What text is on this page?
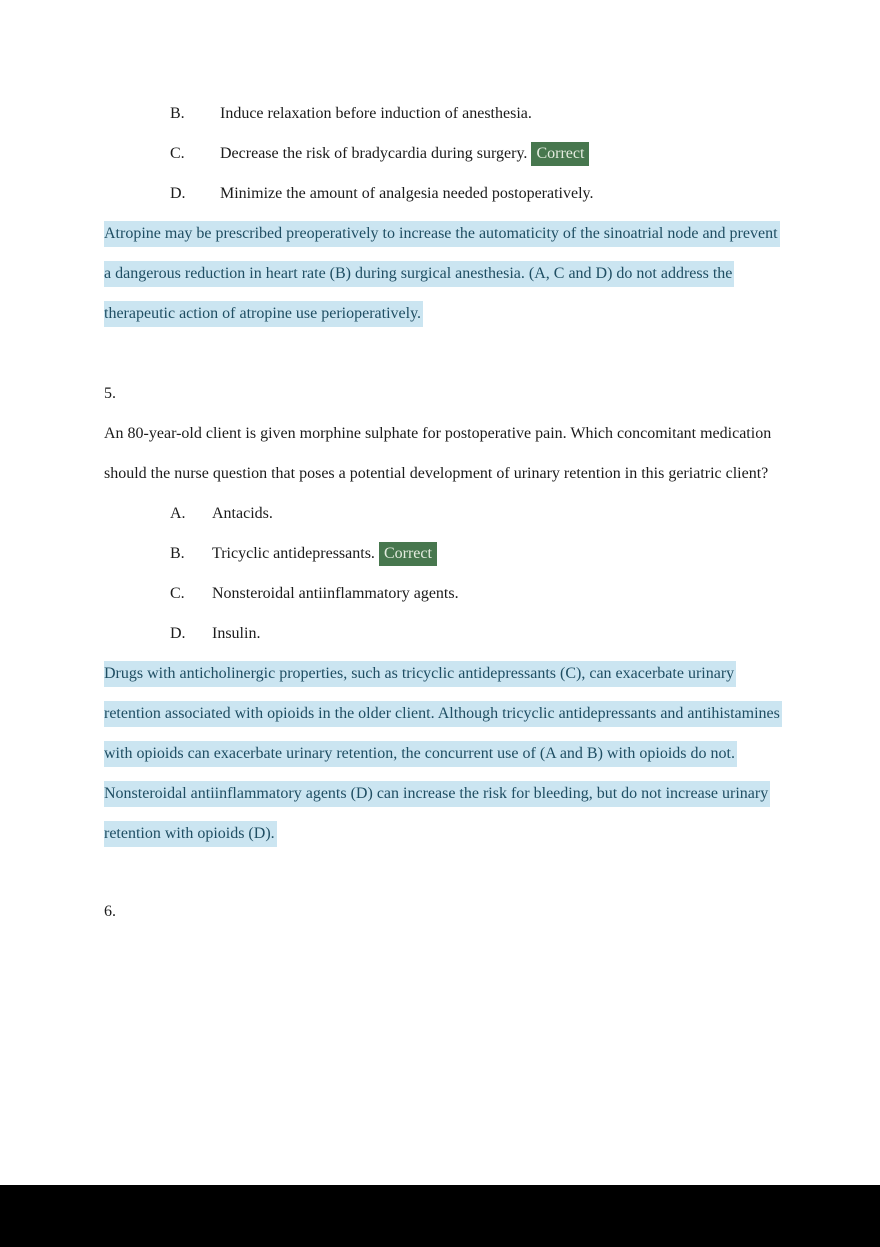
B. Induce relaxation before induction of anesthesia.
C. Decrease the risk of bradycardia during surgery. Correct
D. Minimize the amount of analgesia needed postoperatively.

Atropine may be prescribed preoperatively to increase the automaticity of the sinoatrial node and prevent a dangerous reduction in heart rate (B) during surgical anesthesia. (A, C and D) do not address the therapeutic action of atropine use perioperatively.

5.

An 80-year-old client is given morphine sulphate for postoperative pain. Which concomitant medication should the nurse question that poses a potential development of urinary retention in this geriatric client?

A. Antacids.
B. Tricyclic antidepressants. Correct
C. Nonsteroidal antiinflammatory agents.
D. Insulin.

Drugs with anticholinergic properties, such as tricyclic antidepressants (C), can exacerbate urinary retention associated with opioids in the older client. Although tricyclic antidepressants and antihistamines with opioids can exacerbate urinary retention, the concurrent use of (A and B) with opioids do not. Nonsteroidal antiinflammatory agents (D) can increase the risk for bleeding, but do not increase urinary retention with opioids (D).

6.
